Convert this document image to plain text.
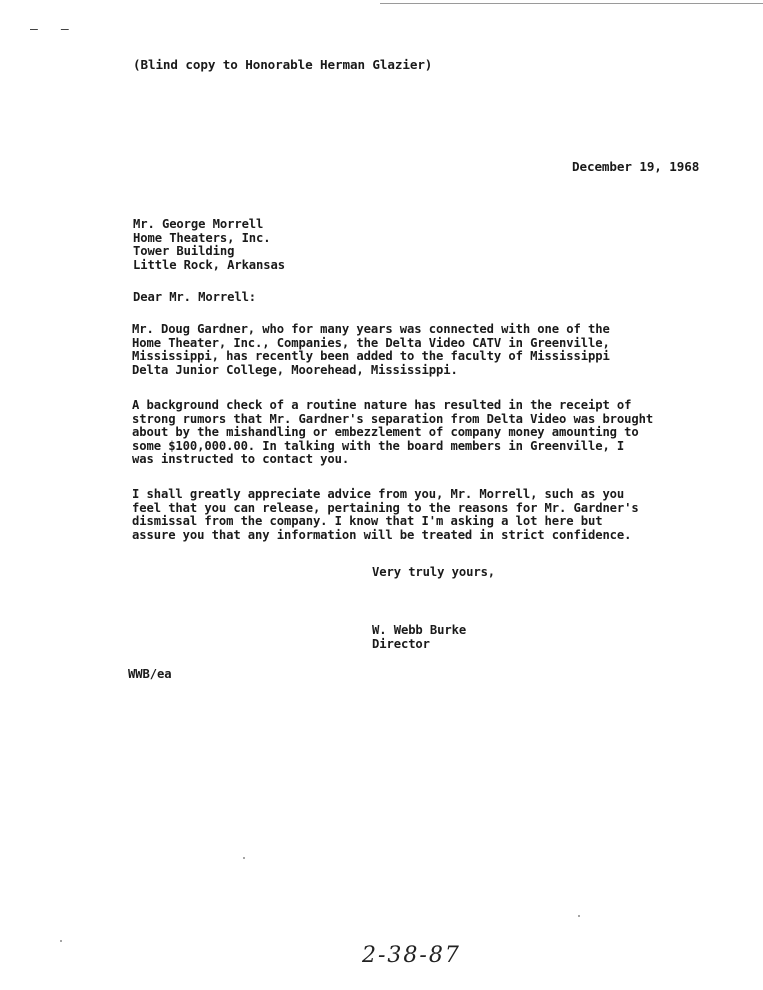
–   –
(Blind copy to Honorable Herman Glazier)
December 19, 1968
Mr. George Morrell
Home Theaters, Inc.
Tower Building
Little Rock, Arkansas
Dear Mr. Morrell:
Mr. Doug Gardner, who for many years was connected with one of the
Home Theater, Inc., Companies, the Delta Video CATV in Greenville,
Mississippi, has recently been added to the faculty of Mississippi
Delta Junior College, Moorehead, Mississippi.
A background check of a routine nature has resulted in the receipt of
strong rumors that Mr. Gardner's separation from Delta Video was brought
about by the mishandling or embezzlement of company money amounting to
some $100,000.00. In talking with the board members in Greenville, I
was instructed to contact you.
I shall greatly appreciate advice from you, Mr. Morrell, such as you
feel that you can release, pertaining to the reasons for Mr. Gardner's
dismissal from the company. I know that I'm asking a lot here but
assure you that any information will be treated in strict confidence.
Very truly yours,
W. Webb Burke
Director
WWB/ea
2-38-87
